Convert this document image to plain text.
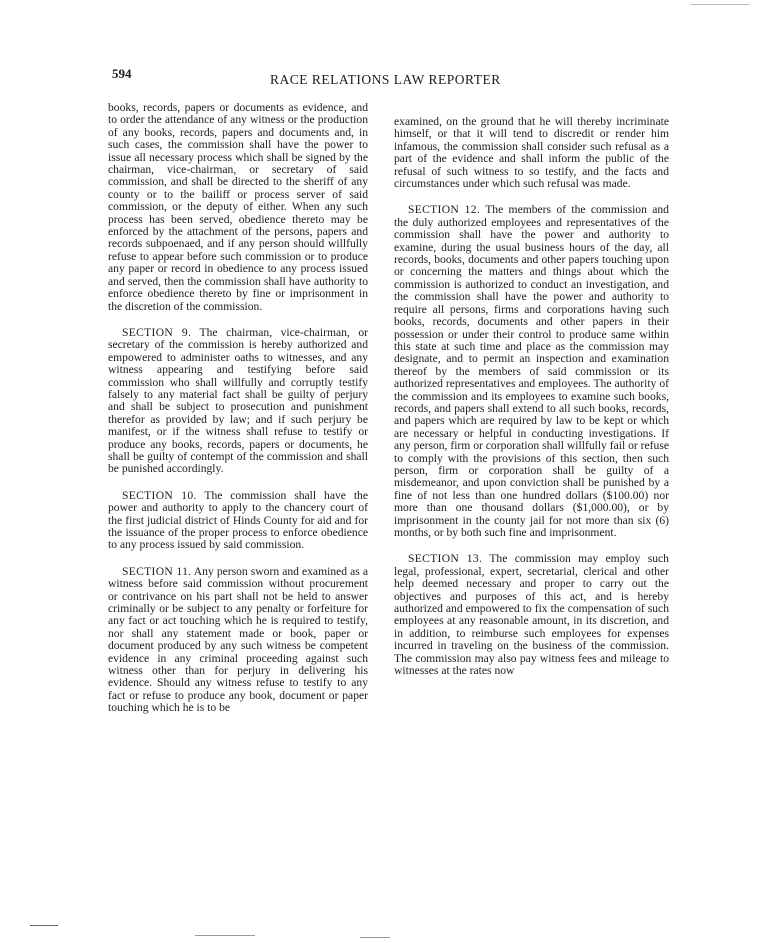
594	RACE RELATIONS LAW REPORTER

books, records, papers or documents as evidence, and to order the attendance of any witness or the production of any books, records, papers and documents and, in such cases, the commission shall have the power to issue all necessary process which shall be signed by the chairman, vice-chairman, or secretary of said commission, and shall be directed to the sheriff of any county or to the bailiff or process server of said commission, or the deputy of either. When any such process has been served, obedience thereto may be enforced by the attachment of the persons, papers and records subpoenaed, and if any person should willfully refuse to appear before such commission or to produce any paper or record in obedience to any process issued and served, then the commission shall have authority to enforce obedience thereto by fine or imprisonment in the discretion of the commission.

SECTION 9. The chairman, vice-chairman, or secretary of the commission is hereby authorized and empowered to administer oaths to witnesses, and any witness appearing and testifying before said commission who shall willfully and corruptly testify falsely to any material fact shall be guilty of perjury and shall be subject to prosecution and punishment therefor as provided by law; and if such perjury be manifest, or if the witness shall refuse to testify or produce any books, records, papers or documents, he shall be guilty of contempt of the commission and shall be punished accordingly.

SECTION 10. The commission shall have the power and authority to apply to the chancery court of the first judicial district of Hinds County for aid and for the issuance of the proper process to enforce obedience to any process issued by said commission.

SECTION 11. Any person sworn and examined as a witness before said commission without procurement or contrivance on his part shall not be held to answer criminally or be subject to any penalty or forfeiture for any fact or act touching which he is required to testify, nor shall any statement made or book, paper or document produced by any such witness be competent evidence in any criminal proceeding against such witness other than for perjury in delivering his evidence. Should any witness refuse to testify to any fact or refuse to produce any book, document or paper touching which he is to be

examined, on the ground that he will thereby incriminate himself, or that it will tend to discredit or render him infamous, the commission shall consider such refusal as a part of the evidence and shall inform the public of the refusal of such witness to so testify, and the facts and circumstances under which such refusal was made.

SECTION 12. The members of the commission and the duly authorized employees and representatives of the commission shall have the power and authority to examine, during the usual business hours of the day, all records, books, documents and other papers touching upon or concerning the matters and things about which the commission is authorized to conduct an investigation, and the commission shall have the power and authority to require all persons, firms and corporations having such books, records, documents and other papers in their possession or under their control to produce same within this state at such time and place as the commission may designate, and to permit an inspection and examination thereof by the members of said commission or its authorized representatives and employees. The authority of the commission and its employees to examine such books, records, and papers shall extend to all such books, records, and papers which are required by law to be kept or which are necessary or helpful in conducting investigations. If any person, firm or corporation shall willfully fail or refuse to comply with the provisions of this section, then such person, firm or corporation shall be guilty of a misdemeanor, and upon conviction shall be punished by a fine of not less than one hundred dollars ($100.00) nor more than one thousand dollars ($1,000.00), or by imprisonment in the county jail for not more than six (6) months, or by both such fine and imprisonment.

SECTION 13. The commission may employ such legal, professional, expert, secretarial, clerical and other help deemed necessary and proper to carry out the objectives and purposes of this act, and is hereby authorized and empowered to fix the compensation of such employees at any reasonable amount, in its discretion, and in addition, to reimburse such employees for expenses incurred in traveling on the business of the commission. The commission may also pay witness fees and mileage to witnesses at the rates now
